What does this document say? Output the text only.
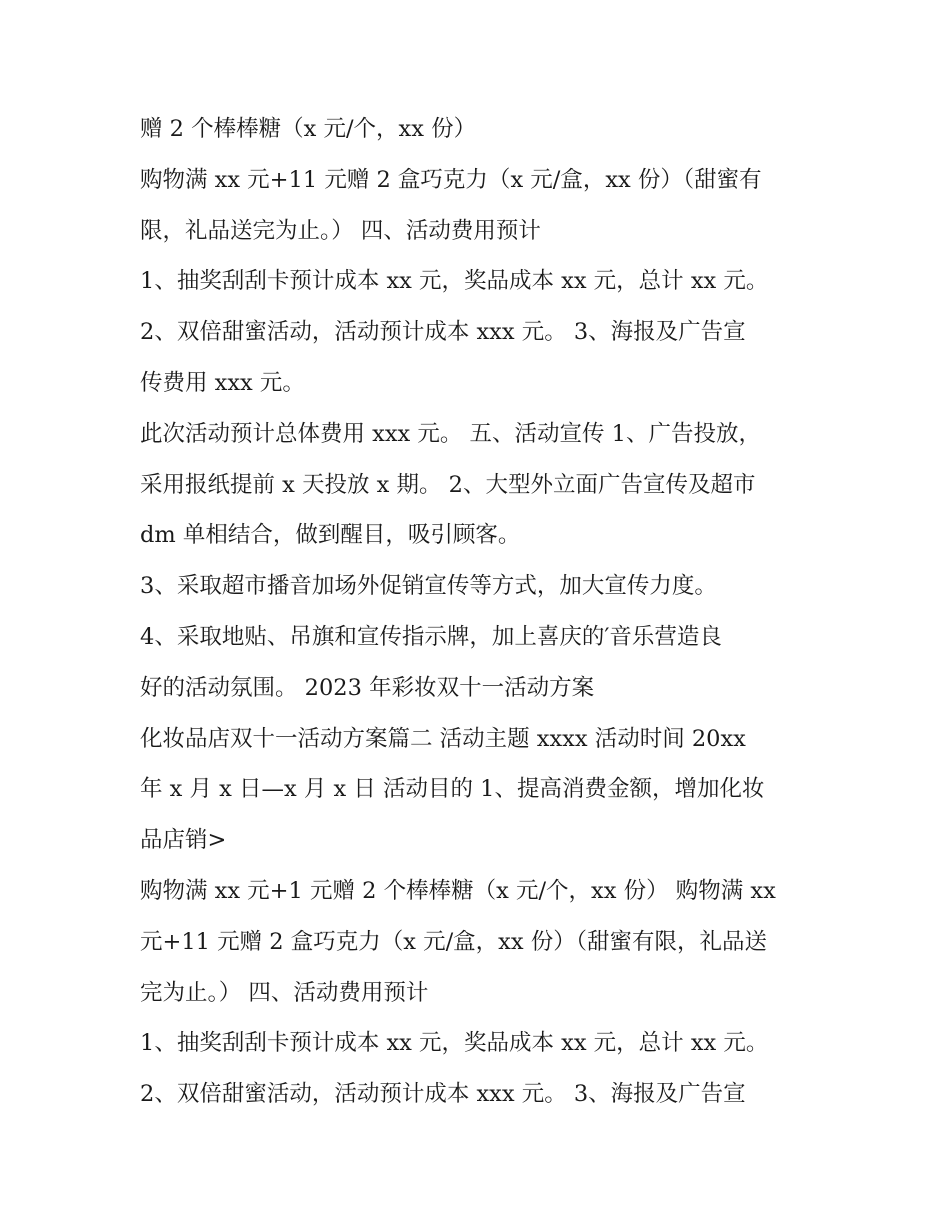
赠 2 个棒棒糖（x 元/个，xx 份）
购物满 xx 元+11 元赠 2 盒巧克力（x 元/盒，xx 份）（甜蜜有
限，礼品送完为止。） 四、活动费用预计
1、抽奖刮刮卡预计成本 xx 元，奖品成本 xx 元，总计 xx 元。
2、双倍甜蜜活动，活动预计成本 xxx 元。 3、海报及广告宣
传费用 xxx 元。
此次活动预计总体费用 xxx 元。 五、活动宣传 1、广告投放，
采用报纸提前 x 天投放 x 期。 2、大型外立面广告宣传及超市
dm 单相结合，做到醒目，吸引顾客。
3、采取超市播音加场外促销宣传等方式，加大宣传力度。
4、采取地贴、吊旗和宣传指示牌，加上喜庆的′音乐营造良
好的活动氛围。 2023 年彩妆双十一活动方案
化妆品店双十一活动方案篇二 活动主题 xxxx 活动时间 20xx
年 x 月 x 日—x 月 x 日 活动目的 1、提高消费金额，增加化妆
品店销>
购物满 xx 元+1 元赠 2 个棒棒糖（x 元/个，xx 份） 购物满 xx
元+11 元赠 2 盒巧克力（x 元/盒，xx 份）（甜蜜有限，礼品送
完为止。） 四、活动费用预计
1、抽奖刮刮卡预计成本 xx 元，奖品成本 xx 元，总计 xx 元。
2、双倍甜蜜活动，活动预计成本 xxx 元。 3、海报及广告宣
